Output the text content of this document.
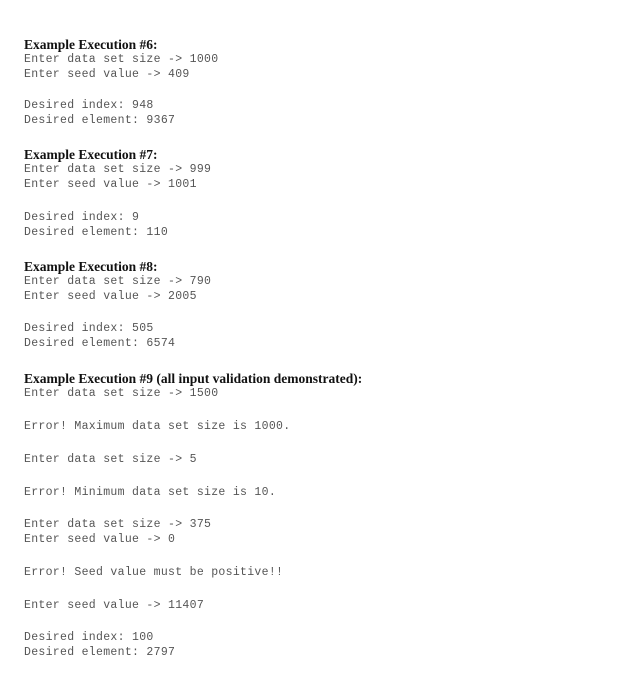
Example Execution #6:
Enter data set size -> 1000
Enter seed value -> 409
Desired index: 948
Desired element: 9367
Example Execution #7:
Enter data set size -> 999
Enter seed value -> 1001
Desired index: 9
Desired element: 110
Example Execution #8:
Enter data set size -> 790
Enter seed value -> 2005
Desired index: 505
Desired element: 6574
Example Execution #9 (all input validation demonstrated):
Enter data set size -> 1500
Error! Maximum data set size is 1000.
Enter data set size -> 5
Error! Minimum data set size is 10.
Enter data set size -> 375
Enter seed value -> 0
Error! Seed value must be positive!!
Enter seed value -> 11407
Desired index: 100
Desired element: 2797
